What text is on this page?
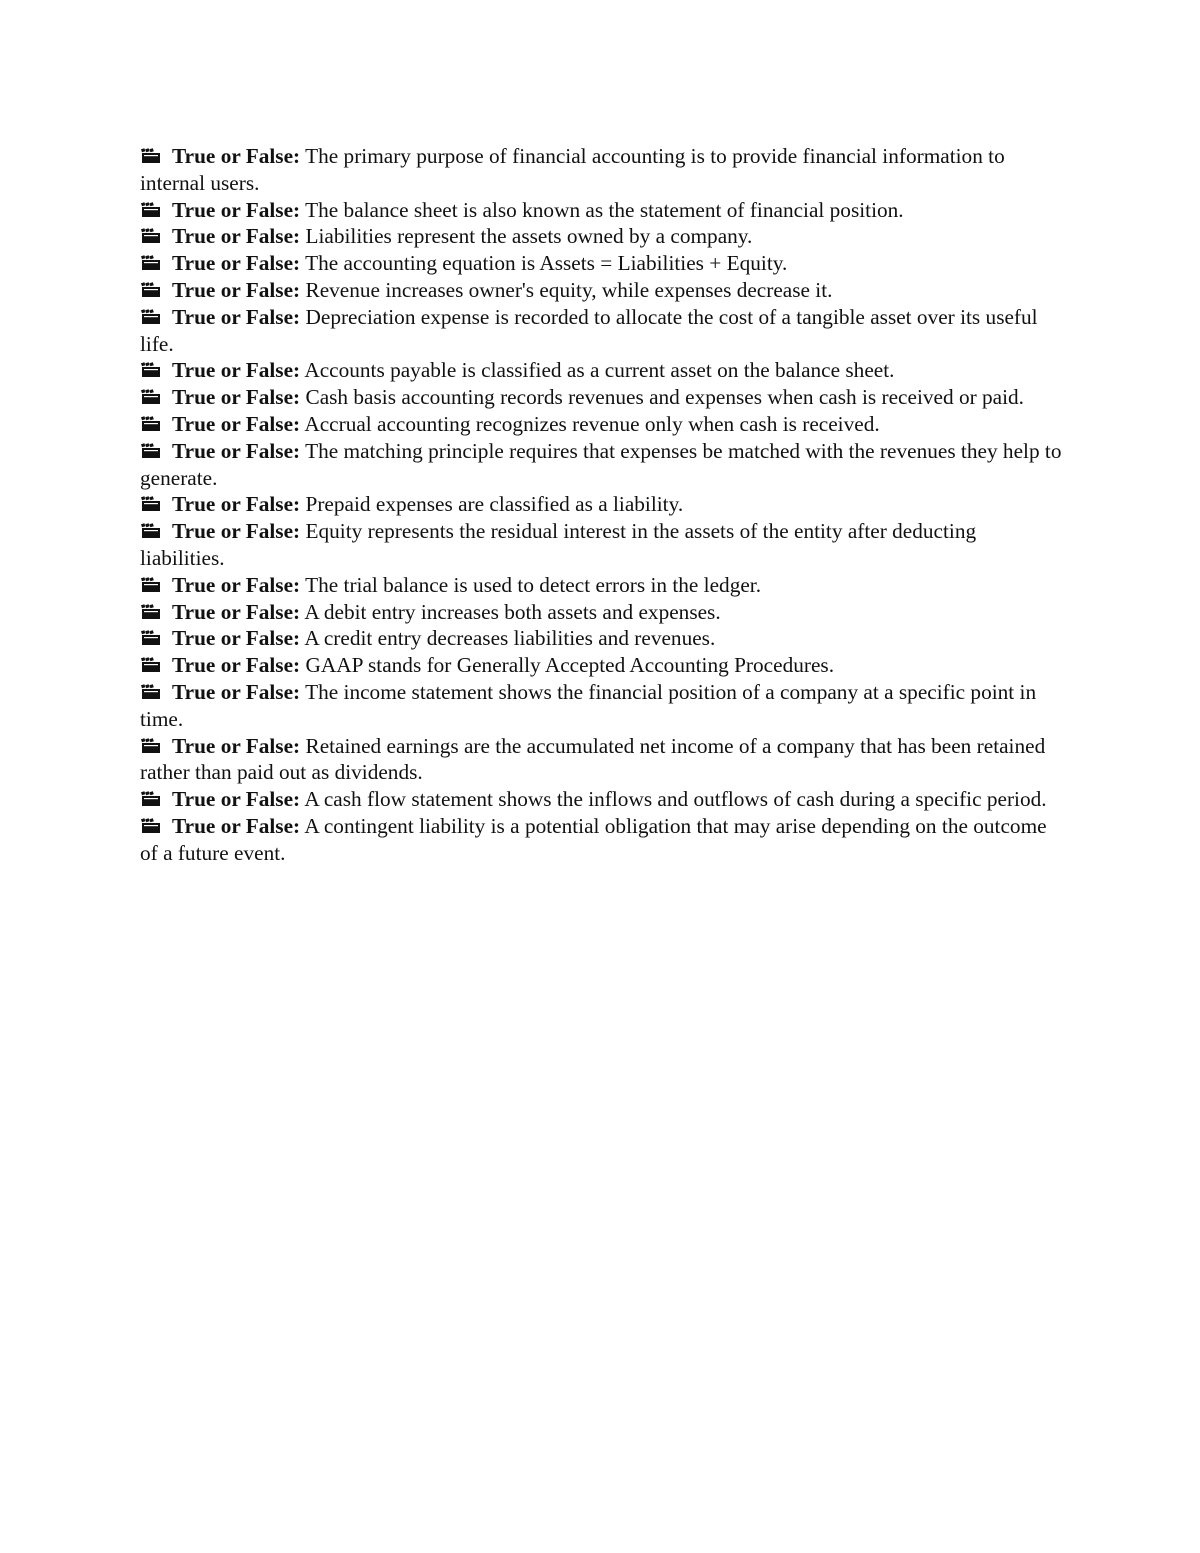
True or False: The primary purpose of financial accounting is to provide financial information to internal users.

True or False: The balance sheet is also known as the statement of financial position.

True or False: Liabilities represent the assets owned by a company.

True or False: The accounting equation is Assets = Liabilities + Equity.

True or False: Revenue increases owner's equity, while expenses decrease it.

True or False: Depreciation expense is recorded to allocate the cost of a tangible asset over its useful life.

True or False: Accounts payable is classified as a current asset on the balance sheet.

True or False: Cash basis accounting records revenues and expenses when cash is received or paid.

True or False: Accrual accounting recognizes revenue only when cash is received.

True or False: The matching principle requires that expenses be matched with the revenues they help to generate.

True or False: Prepaid expenses are classified as a liability.

True or False: Equity represents the residual interest in the assets of the entity after deducting liabilities.

True or False: The trial balance is used to detect errors in the ledger.

True or False: A debit entry increases both assets and expenses.

True or False: A credit entry decreases liabilities and revenues.

True or False: GAAP stands for Generally Accepted Accounting Procedures.

True or False: The income statement shows the financial position of a company at a specific point in time.

True or False: Retained earnings are the accumulated net income of a company that has been retained rather than paid out as dividends.

True or False: A cash flow statement shows the inflows and outflows of cash during a specific period.

True or False: A contingent liability is a potential obligation that may arise depending on the outcome of a future event.
